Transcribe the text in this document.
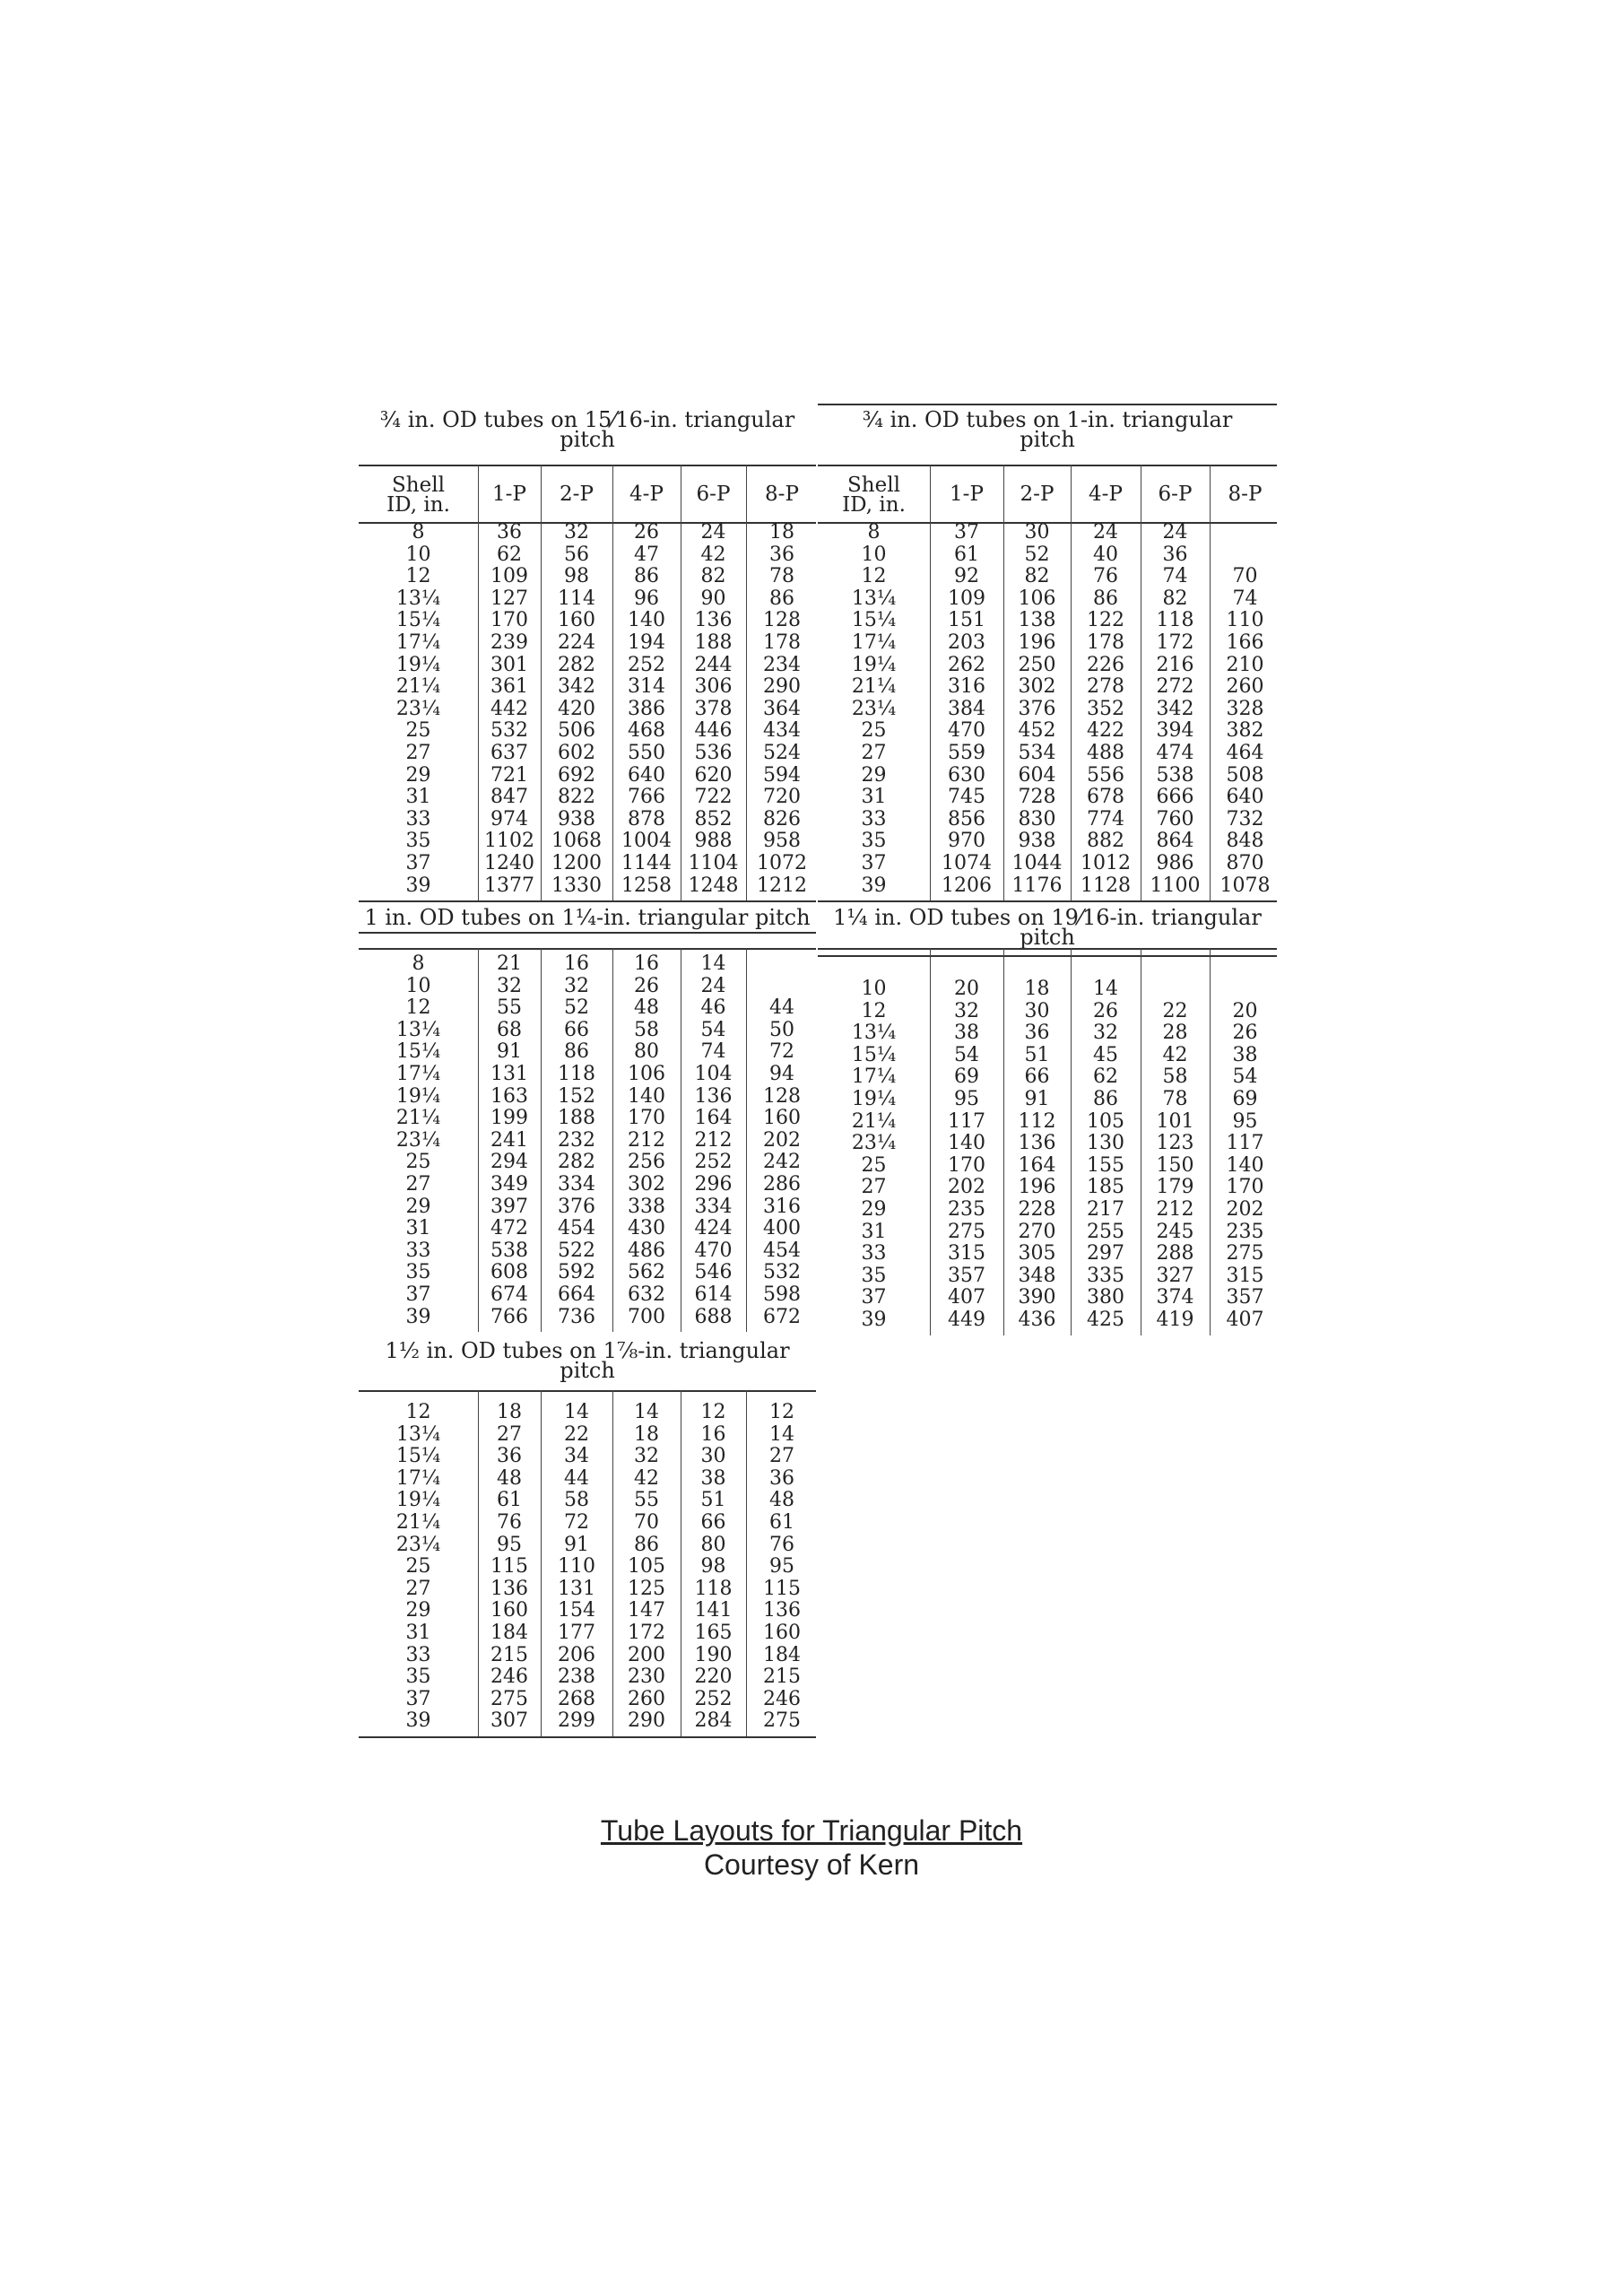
¾ in. OD tubes on 15⁄16-in. triangular
pitch
Shell
ID, in.	1-P	2-P	4-P	6-P	8-P
8	36	32	26	24	18
10	62	56	47	42	36
12	109	98	86	82	78
13¼	127	114	96	90	86
15¼	170	160	140	136	128
17¼	239	224	194	188	178
19¼	301	282	252	244	234
21¼	361	342	314	306	290
23¼	442	420	386	378	364
25	532	506	468	446	434
27	637	602	550	536	524
29	721	692	640	620	594
31	847	822	766	722	720
33	974	938	878	852	826
35	1102 1068	1004	988	958
37	1240 1200	1144 1104 1072
39	1377 1330	1258 1248 1212
¾ in. OD tubes on 1-in. triangular
pitch
Shell
ID, in.	1-P	2-P	4-P	6-P	8-P
8	37	30	24	24
10	61	52	40	36
12	92	82	76	74	70
13¼	109	106	86	82	74
15¼	151	138	122	118	110
17¼	203	196	178	172	166
19¼	262	250	226	216	210
21¼	316	302	278	272	260
23¼	384	376	352	342	328
25	470	452	422	394	382
27	559	534	488	474	464
29	630	604	556	538	508
31	745	728	678	666	640
33	856	830	774	760	732
35	970	938	882	864	848
37	1074	1044 1012	986	870
39	1206	1176 1128 1100	1078
1 in. OD tubes on 1¼-in. triangular pitch
8	21	16	16	14
10	32	32	26	24
12	55	52	48	46	44
13¼	68	66	58	54	50
15¼	91	86	80	74	72
17¼	131	118	106	104	94
19¼	163	152	140	136	128
21¼	199	188	170	164	160
23¼	241	232	212	212	202
25	294	282	256	252	242
27	349	334	302	296	286
29	397	376	338	334	316
31	472	454	430	424	400
33	538	522	486	470	454
35	608	592	562	546	532
37	674	664	632	614	598
39	766	736	700	688	672
1¼ in. OD tubes on 19⁄16-in. triangular
pitch
10	20	18	14
12	32	30	26	22	20
13¼	38	36	32	28	26
15¼	54	51	45	42	38
17¼	69	66	62	58	54
19¼	95	91	86	78	69
21¼	117	112	105	101	95
23¼	140	136	130	123	117
25	170	164	155	150	140
27	202	196	185	179	170
29	235	228	217	212	202
31	275	270	255	245	235
33	315	305	297	288	275
35	357	348	335	327	315
37	407	390	380	374	357
39	449	436	425	419	407
1½ in. OD tubes on 1⅞-in. triangular
pitch
12	18	14	14	12	12
13¼	27	22	18	16	14
15¼	36	34	32	30	27
17¼	48	44	42	38	36
19¼	61	58	55	51	48
21¼	76	72	70	66	61
23¼	95	91	86	80	76
25	115	110	105	98	95
27	136	131	125	118	115
29	160	154	147	141	136
31	184	177	172	165	160
33	215	206	200	190	184
35	246	238	230	220	215
37	275	268	260	252	246
39	307	299	290	284	275
Tube Layouts for Triangular Pitch
Courtesy of Kern
